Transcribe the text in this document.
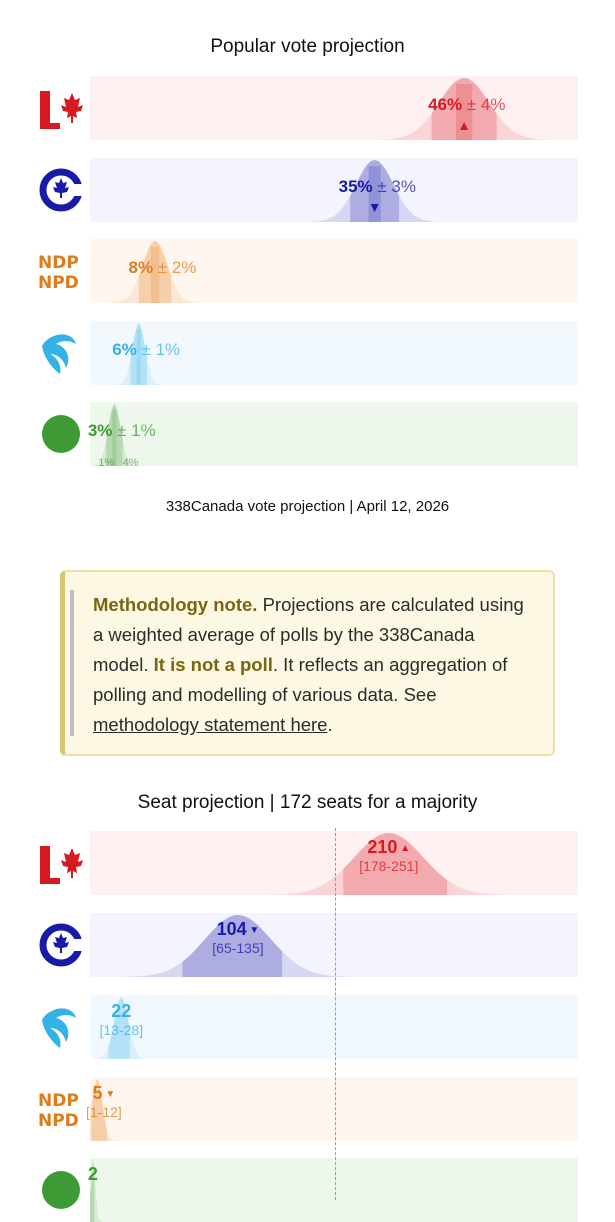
Popular vote projection
338Canada vote projection | April 12, 2026
Methodology note. Projections are calculated using a weighted average of polls by the 338Canada model. It is not a poll. It reflects an aggregation of polling and modelling of various data. See methodology statement here.
Seat projection | 172 seats for a majority
46% ± 4%
35% ± 3%
NDP
NPD
8% ± 2%
6% ± 1%
3% ± 1%
1% 4%
210 ▲
[178-251]
104 ▼
[65-135]
22
[13-28]
NDP
NPD
5 ▼
[1-12]
2
